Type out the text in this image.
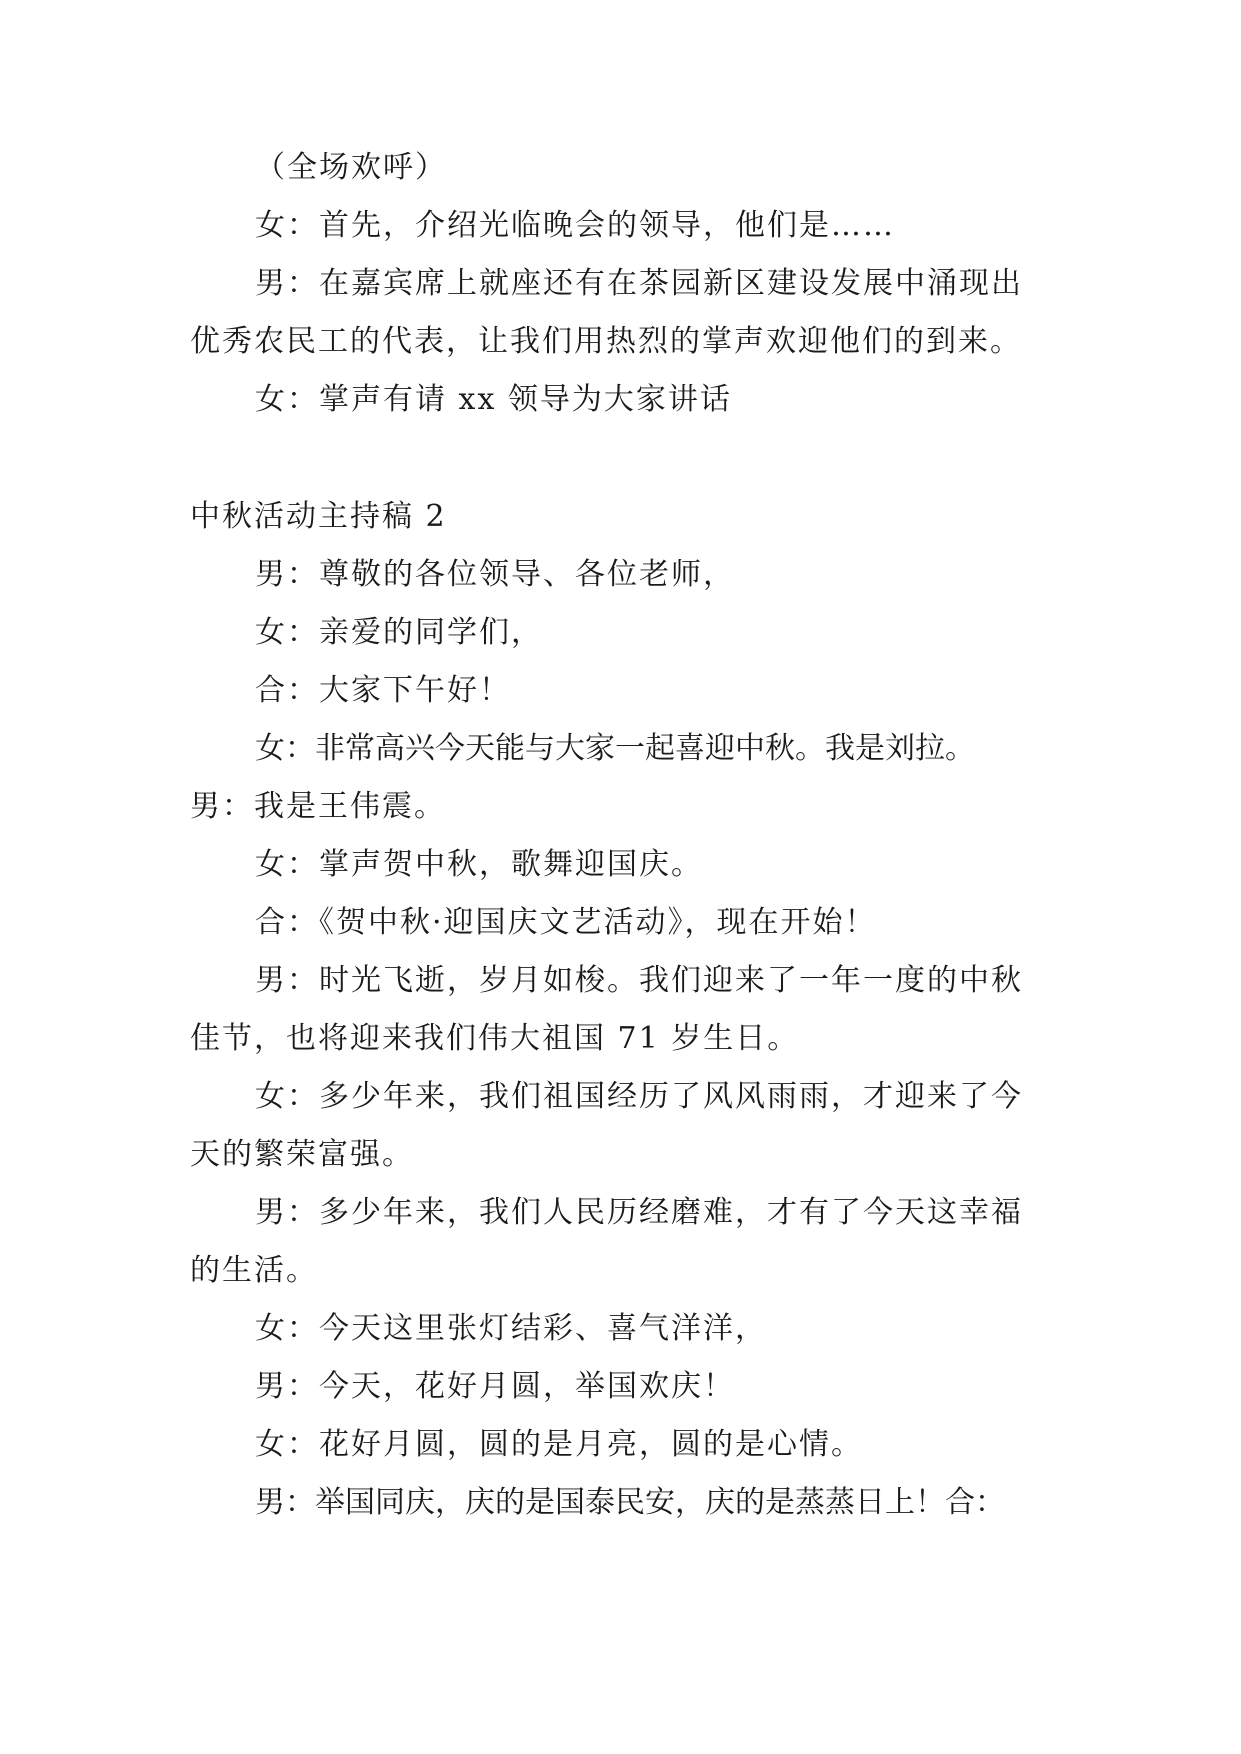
（全场欢呼）
女：首先，介绍光临晚会的领导，他们是……
男：在嘉宾席上就座还有在茶园新区建设发展中涌现出
优秀农民工的代表，让我们用热烈的掌声欢迎他们的到来。
女：掌声有请 xx 领导为大家讲话
中秋活动主持稿 2
男：尊敬的各位领导、各位老师，
女：亲爱的同学们，
合：大家下午好！
女：非常高兴今天能与大家一起喜迎中秋。我是刘拉。
男：我是王伟震。
女：掌声贺中秋，歌舞迎国庆。
合：《贺中秋·迎国庆文艺活动》，现在开始！
男：时光飞逝，岁月如梭。我们迎来了一年一度的中秋
佳节，也将迎来我们伟大祖国 71 岁生日。
女：多少年来，我们祖国经历了风风雨雨，才迎来了今
天的繁荣富强。
男：多少年来，我们人民历经磨难，才有了今天这幸福
的生活。
女：今天这里张灯结彩、喜气洋洋，
男：今天，花好月圆，举国欢庆！
女：花好月圆，圆的是月亮，圆的是心情。
男：举国同庆，庆的是国泰民安，庆的是蒸蒸日上！合：
